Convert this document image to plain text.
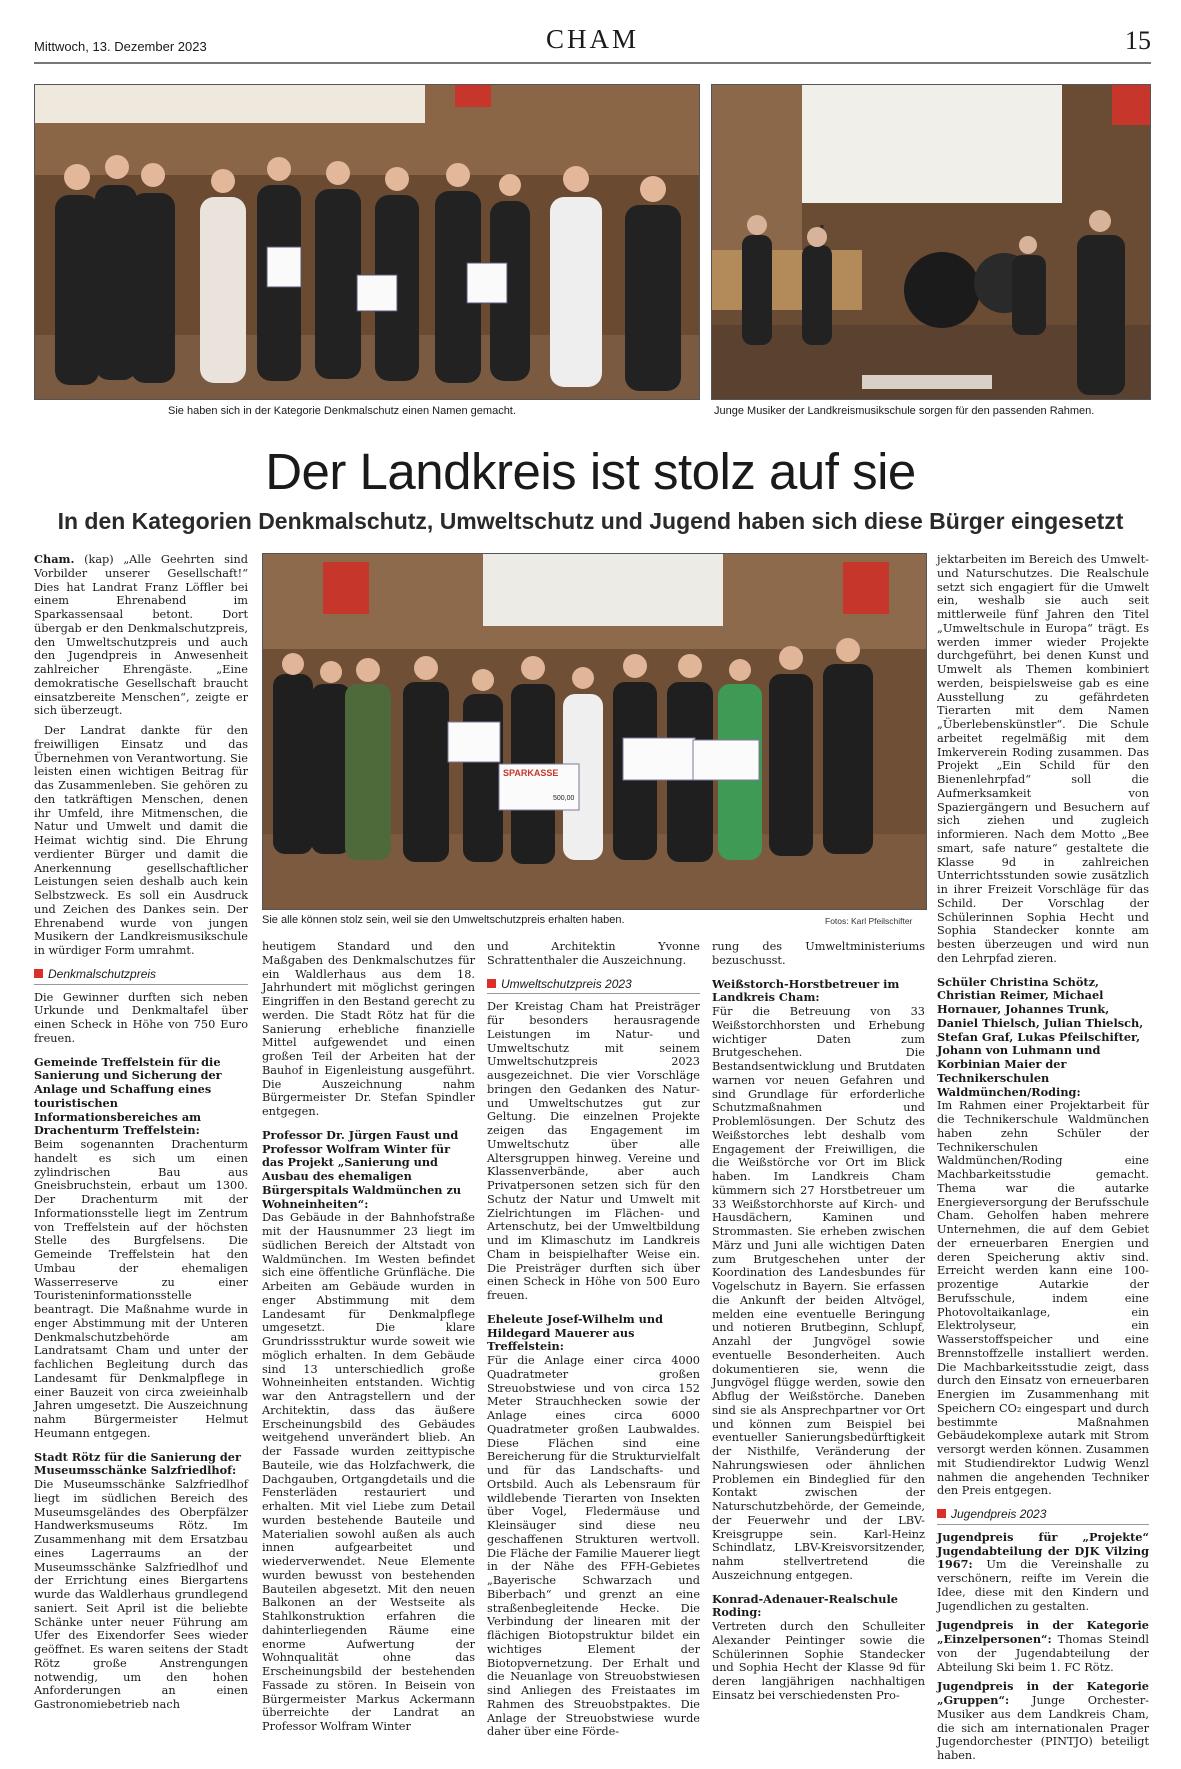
Mittwoch, 13. Dezember 2023	CHAM	15
Sie haben sich in der Kategorie Denkmalschutz einen Namen gemacht.	Junge Musiker der Landkreismusikschule sorgen für den passenden Rahmen.
Der Landkreis ist stolz auf sie
In den Kategorien Denkmalschutz, Umweltschutz und Jugend haben sich diese Bürger eingesetzt
SPARKASSE
500,00
Sie alle können stolz sein, weil sie den Umweltschutzpreis erhalten haben.	Fotos: Karl Pfeilschifter

Cham. (kap) „Alle Geehrten sind Vorbilder unserer Gesellschaft!“ Dies hat Landrat Franz Löffler bei einem Ehrenabend im Sparkassensaal betont. Dort übergab er den Denkmalschutzpreis, den Umweltschutzpreis und auch den Jugendpreis in Anwesenheit zahlreicher Ehrengäste. „Eine demokratische Gesellschaft braucht einsatzbereite Menschen“, zeigte er sich überzeugt.

Der Landrat dankte für den freiwilligen Einsatz und das Übernehmen von Verantwortung. Sie leisten einen wichtigen Beitrag für das Zusammenleben. Sie gehören zu den tatkräftigen Menschen, denen ihr Umfeld, ihre Mitmenschen, die Natur und Umwelt und damit die Heimat wichtig sind. Die Ehrung verdienter Bürger und damit die Anerkennung gesellschaftlicher Leistungen seien deshalb auch kein Selbstzweck. Es soll ein Ausdruck und Zeichen des Dankes sein. Der Ehrenabend wurde von jungen Musikern der Landkreismusikschule in würdiger Form umrahmt.

Denkmalschutzpreis

Die Gewinner durften sich neben Urkunde und Denkmaltafel über einen Scheck in Höhe von 750 Euro freuen.

Gemeinde Treffelstein für die Sanierung und Sicherung der Anlage und Schaffung eines touristischen Informationsbereiches am Drachenturm Treffelstein:

Beim sogenannten Drachenturm handelt es sich um einen zylindrischen Bau aus Gneisbruchstein, erbaut um 1300. Der Drachenturm mit der Informationsstelle liegt im Zentrum von Treffelstein auf der höchsten Stelle des Burgfelsens. Die Gemeinde Treffelstein hat den Umbau der ehemaligen Wasserreserve zu einer Touristeninformationsstelle beantragt. Die Maßnahme wurde in enger Abstimmung mit der Unteren Denkmalschutzbehörde am Landratsamt Cham und unter der fachlichen Begleitung durch das Landesamt für Denkmalpflege in einer Bauzeit von circa zweieinhalb Jahren umgesetzt. Die Auszeichnung nahm Bürgermeister Helmut Heumann entgegen.

Stadt Rötz für die Sanierung der Museumsschänke Salzfriedlhof:

Die Museumsschänke Salzfriedlhof liegt im südlichen Bereich des Museumsgeländes des Oberpfälzer Handwerksmuseums Rötz. Im Zusammenhang mit dem Ersatzbau eines Lagerraums an der Museumsschänke Salzfriedlhof und der Errichtung eines Biergartens wurde das Waldlerhaus grundlegend saniert. Seit April ist die beliebte Schänke unter neuer Führung am Ufer des Eixendorfer Sees wieder geöffnet. Es waren seitens der Stadt Rötz große Anstrengungen notwendig, um den hohen Anforderungen an einen Gastronomiebetrieb nach

heutigem Standard und den Maßgaben des Denkmalschutzes für ein Waldlerhaus aus dem 18. Jahrhundert mit möglichst geringen Eingriffen in den Bestand gerecht zu werden. Die Stadt Rötz hat für die Sanierung erhebliche finanzielle Mittel aufgewendet und einen großen Teil der Arbeiten hat der Bauhof in Eigenleistung ausgeführt. Die Auszeichnung nahm Bürgermeister Dr. Stefan Spindler entgegen.

Professor Dr. Jürgen Faust und Professor Wolfram Winter für das Projekt „Sanierung und Ausbau des ehemaligen Bürgerspitals Waldmünchen zu Wohneinheiten“:

Das Gebäude in der Bahnhofstraße mit der Hausnummer 23 liegt im südlichen Bereich der Altstadt von Waldmünchen. Im Westen befindet sich eine öffentliche Grünfläche. Die Arbeiten am Gebäude wurden in enger Abstimmung mit dem Landesamt für Denkmalpflege umgesetzt. Die klare Grundrissstruktur wurde soweit wie möglich erhalten. In dem Gebäude sind 13 unterschiedlich große Wohneinheiten entstanden. Wichtig war den Antragstellern und der Architektin, dass das äußere Erscheinungsbild des Gebäudes weitgehend unverändert blieb. An der Fassade wurden zeittypische Bauteile, wie das Holzfachwerk, die Dachgauben, Ortgangdetails und die Fensterläden restauriert und erhalten. Mit viel Liebe zum Detail wurden bestehende Bauteile und Materialien sowohl außen als auch innen aufgearbeitet und wiederverwendet. Neue Elemente wurden bewusst von bestehenden Bauteilen abgesetzt. Mit den neuen Balkonen an der Westseite als Stahlkonstruktion erfahren die dahinterliegenden Räume eine enorme Aufwertung der Wohnqualität ohne das Erscheinungsbild der bestehenden Fassade zu stören. In Beisein von Bürgermeister Markus Ackermann überreichte der Landrat an Professor Wolfram Winter

und Architektin Yvonne Schrattenthaler die Auszeichnung.

Umweltschutzpreis 2023

Der Kreistag Cham hat Preisträger für besonders herausragende Leistungen im Natur- und Umweltschutz mit seinem Umweltschutzpreis 2023 ausgezeichnet. Die vier Vorschläge bringen den Gedanken des Natur- und Umweltschutzes gut zur Geltung. Die einzelnen Projekte zeigen das Engagement im Umweltschutz über alle Altersgruppen hinweg. Vereine und Klassenverbände, aber auch Privatpersonen setzen sich für den Schutz der Natur und Umwelt mit Zielrichtungen im Flächen- und Artenschutz, bei der Umweltbildung und im Klimaschutz im Landkreis Cham in beispielhafter Weise ein. Die Preisträger durften sich über einen Scheck in Höhe von 500 Euro freuen.

Eheleute Josef-Wilhelm und Hildegard Mauerer aus Treffelstein:

Für die Anlage einer circa 4000 Quadratmeter großen Streuobstwiese und von circa 152 Meter Strauchhecken sowie der Anlage eines circa 6000 Quadratmeter großen Laubwaldes. Diese Flächen sind eine Bereicherung für die Strukturvielfalt und für das Landschafts- und Ortsbild. Auch als Lebensraum für wildlebende Tierarten von Insekten über Vogel, Fledermäuse und Kleinsäuger sind diese neu geschaffenen Strukturen wertvoll. Die Fläche der Familie Mauerer liegt in der Nähe des FFH-Gebietes „Bayerische Schwarzach und Biberbach“ und grenzt an eine straßenbegleitende Hecke. Die Verbindung der linearen mit der flächigen Biotopstruktur bildet ein wichtiges Element der Biotopvernetzung. Der Erhalt und die Neuanlage von Streuobstwiesen sind Anliegen des Freistaates im Rahmen des Streuobstpaktes. Die Anlage der Streuobstwiese wurde daher über eine Förde-

rung des Umweltministeriums bezuschusst.

Weißstorch-Horstbetreuer im Landkreis Cham:

Für die Betreuung von 33 Weißstorchhorsten und Erhebung wichtiger Daten zum Brutgeschehen. Die Bestandsentwicklung und Brutdaten warnen vor neuen Gefahren und sind Grundlage für erforderliche Schutzmaßnahmen und Problemlösungen. Der Schutz des Weißstorches lebt deshalb vom Engagement der Freiwilligen, die die Weißstörche vor Ort im Blick haben. Im Landkreis Cham kümmern sich 27 Horstbetreuer um 33 Weißstorchhorste auf Kirch- und Hausdächern, Kaminen und Strommasten. Sie erheben zwischen März und Juni alle wichtigen Daten zum Brutgeschehen unter der Koordination des Landesbundes für Vogelschutz in Bayern. Sie erfassen die Ankunft der beiden Altvögel, melden eine eventuelle Beringung und notieren Brutbeginn, Schlupf, Anzahl der Jungvögel sowie eventuelle Besonderheiten. Auch dokumentieren sie, wenn die Jungvögel flügge werden, sowie den Abflug der Weißstörche. Daneben sind sie als Ansprechpartner vor Ort und können zum Beispiel bei eventueller Sanierungsbedürftigkeit der Nisthilfe, Veränderung der Nahrungswiesen oder ähnlichen Problemen ein Bindeglied für den Kontakt zwischen der Naturschutzbehörde, der Gemeinde, der Feuerwehr und der LBV-Kreisgruppe sein. Karl-Heinz Schindlatz, LBV-Kreisvorsitzender, nahm stellvertretend die Auszeichnung entgegen.

Konrad-Adenauer-Realschule Roding:

Vertreten durch den Schulleiter Alexander Peintinger sowie die Schülerinnen Sophie Standecker und Sophia Hecht der Klasse 9d für deren langjährigen nachhaltigen Einsatz bei verschiedensten Pro-

jektarbeiten im Bereich des Umwelt- und Naturschutzes. Die Realschule setzt sich engagiert für die Umwelt ein, weshalb sie auch seit mittlerweile fünf Jahren den Titel „Umweltschule in Europa“ trägt. Es werden immer wieder Projekte durchgeführt, bei denen Kunst und Umwelt als Themen kombiniert werden, beispielsweise gab es eine Ausstellung zu gefährdeten Tierarten mit dem Namen „Überlebenskünstler“. Die Schule arbeitet regelmäßig mit dem Imkerverein Roding zusammen. Das Projekt „Ein Schild für den Bienenlehrpfad“ soll die Aufmerksamkeit von Spaziergängern und Besuchern auf sich ziehen und zugleich informieren. Nach dem Motto „Bee smart, safe nature“ gestaltete die Klasse 9d in zahlreichen Unterrichtsstunden sowie zusätzlich in ihrer Freizeit Vorschläge für das Schild. Der Vorschlag der Schülerinnen Sophia Hecht und Sophia Standecker konnte am besten überzeugen und wird nun den Lehrpfad zieren.

Schüler Christina Schötz, Christian Reimer, Michael Hornauer, Johannes Trunk, Daniel Thielsch, Julian Thielsch, Stefan Graf, Lukas Pfeilschifter, Johann von Luhmann und Korbinian Maier der Technikerschulen Waldmünchen/Roding:

Im Rahmen einer Projektarbeit für die Technikerschule Waldmünchen haben zehn Schüler der Technikerschulen Waldmünchen/Roding eine Machbarkeitsstudie gemacht. Thema war die autarke Energieversorgung der Berufsschule Cham. Geholfen haben mehrere Unternehmen, die auf dem Gebiet der erneuerbaren Energien und deren Speicherung aktiv sind. Erreicht werden kann eine 100-prozentige Autarkie der Berufsschule, indem eine Photovoltaikanlage, ein Elektrolyseur, ein Wasserstoffspeicher und eine Brennstoffzelle installiert werden. Die Machbarkeitsstudie zeigt, dass durch den Einsatz von erneuerbaren Energien im Zusammenhang mit Speichern CO₂ eingespart und durch bestimmte Maßnahmen Gebäudekomplexe autark mit Strom versorgt werden können. Zusammen mit Studiendirektor Ludwig Wenzl nahmen die angehenden Techniker den Preis entgegen.

Jugendpreis 2023

Jugendpreis für „Projekte“ Jugendabteilung der DJK Vilzing 1967: Um die Vereinshalle zu verschönern, reifte im Verein die Idee, diese mit den Kindern und Jugendlichen zu gestalten.

Jugendpreis in der Kategorie „Einzelpersonen“: Thomas Steindl von der Jugendabteilung der Abteilung Ski beim 1. FC Rötz.

Jugendpreis in der Kategorie „Gruppen“: Junge Orchester-Musiker aus dem Landkreis Cham, die sich am internationalen Prager Jugendorchester (PINTJO) beteiligt haben.
